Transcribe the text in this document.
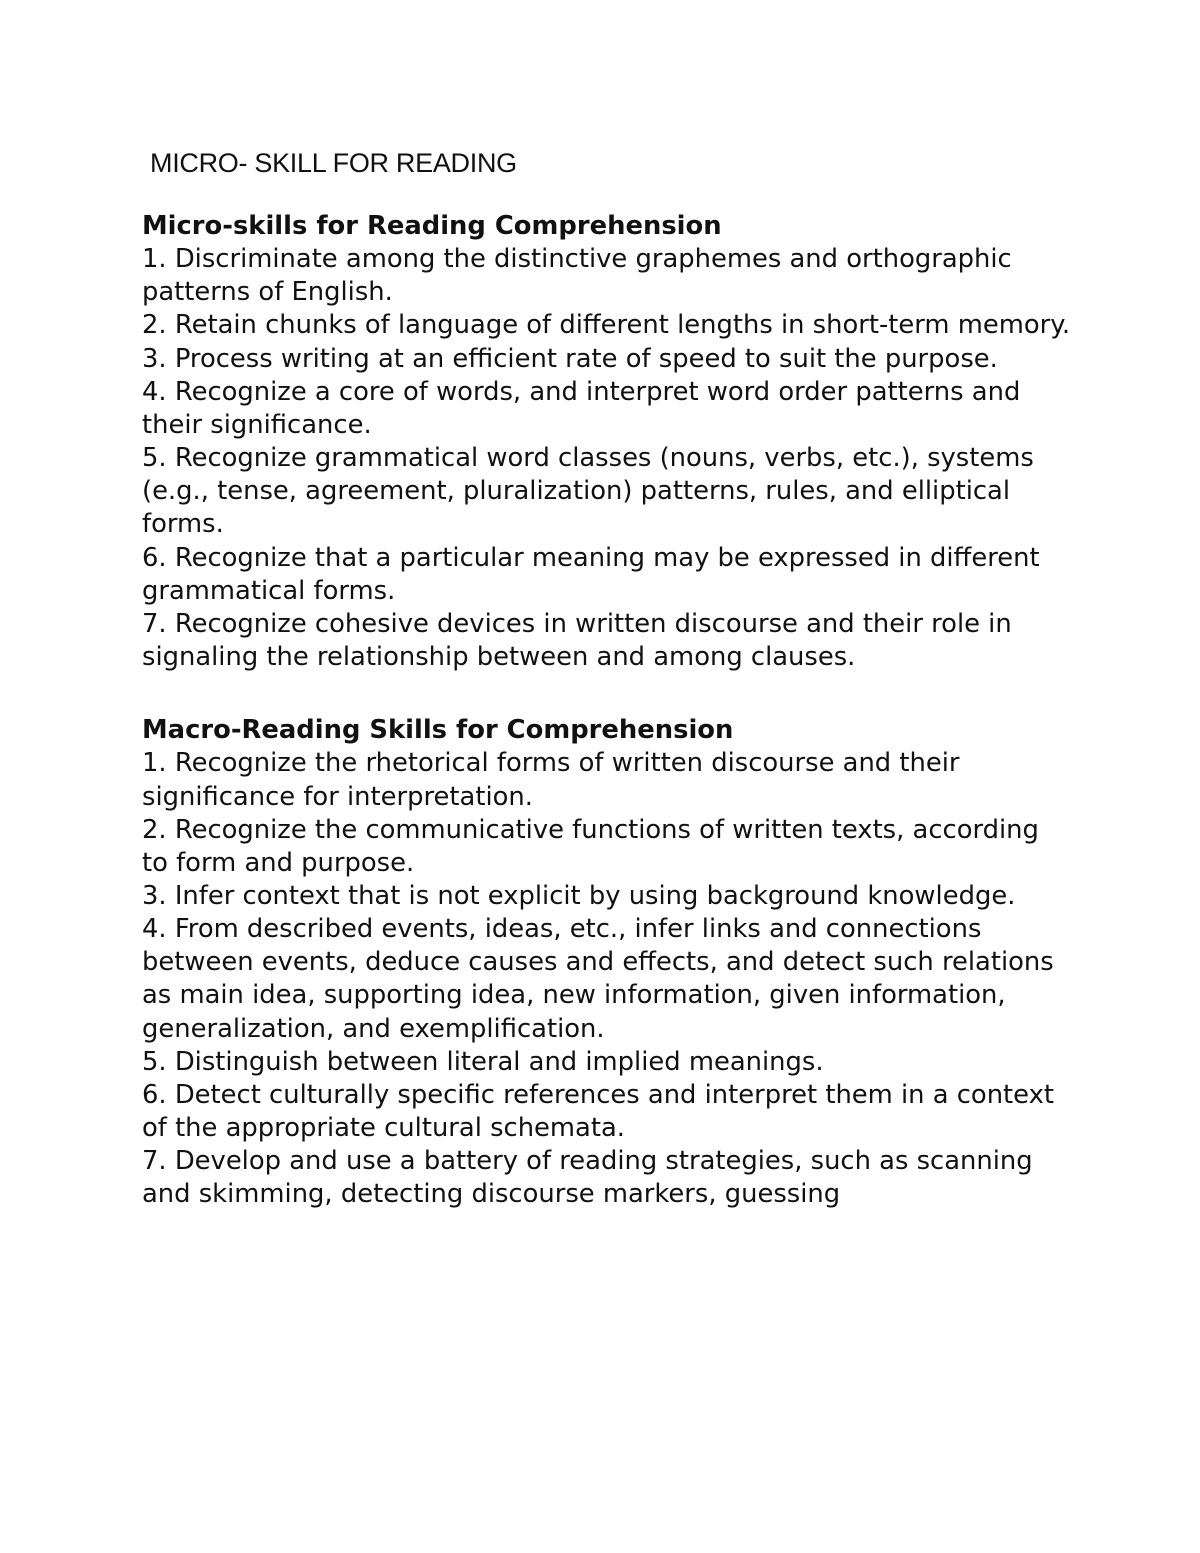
MICRO- SKILL FOR READING
Micro-skills for Reading Comprehension
1. Discriminate among the distinctive graphemes and orthographic patterns of English.
2. Retain chunks of language of different lengths in short-term memory.
3. Process writing at an efficient rate of speed to suit the purpose.
4. Recognize a core of words, and interpret word order patterns and their significance.
5. Recognize grammatical word classes (nouns, verbs, etc.), systems (e.g., tense, agreement, pluralization) patterns, rules, and elliptical forms.
6. Recognize that a particular meaning may be expressed in different grammatical forms.
7. Recognize cohesive devices in written discourse and their role in signaling the relationship between and among clauses.
Macro-Reading Skills for Comprehension
1. Recognize the rhetorical forms of written discourse and their significance for interpretation.
2. Recognize the communicative functions of written texts, according to form and purpose.
3. Infer context that is not explicit by using background knowledge.
4. From described events, ideas, etc., infer links and connections between events, deduce causes and effects, and detect such relations as main idea, supporting idea, new information, given information, generalization, and exemplification.
5. Distinguish between literal and implied meanings.
6. Detect culturally specific references and interpret them in a context of the appropriate cultural schemata.
7. Develop and use a battery of reading strategies, such as scanning and skimming, detecting discourse markers, guessing
